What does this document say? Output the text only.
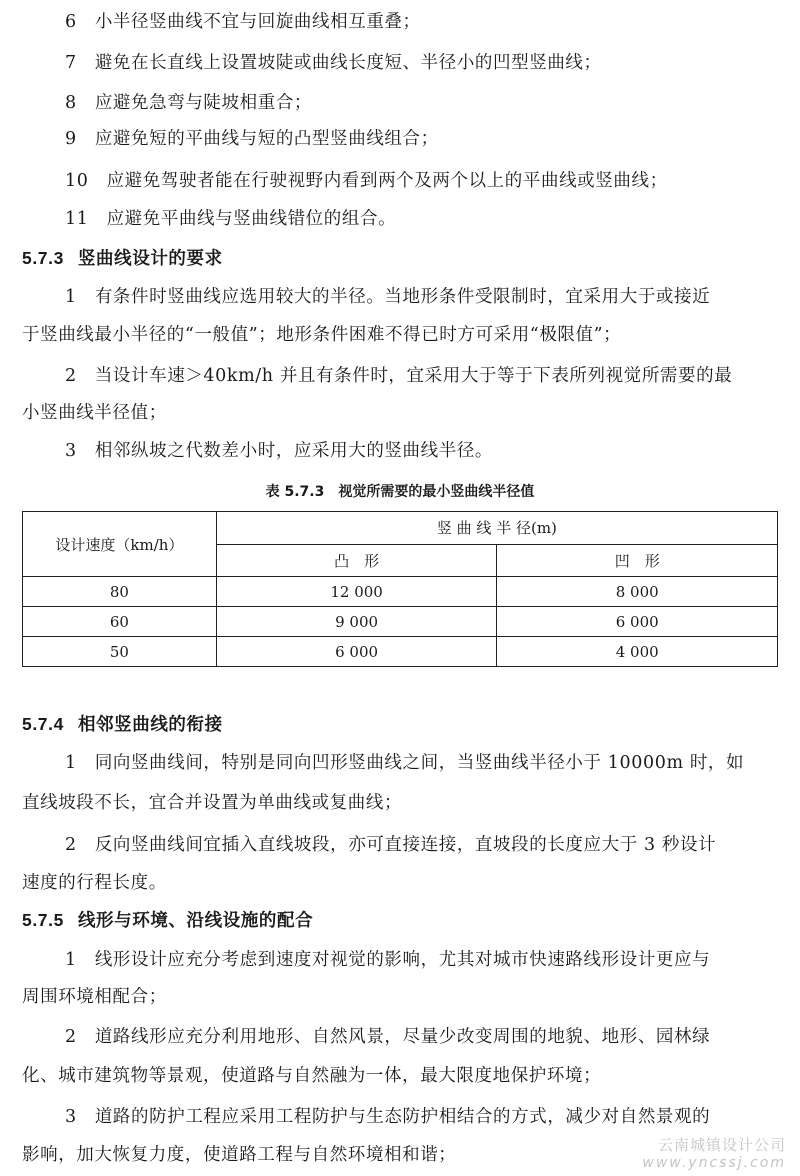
6　小半径竖曲线不宜与回旋曲线相互重叠；
7　避免在长直线上设置坡陡或曲线长度短、半径小的凹型竖曲线；
8　应避免急弯与陡坡相重合；
9　应避免短的平曲线与短的凸型竖曲线组合；
10　应避免驾驶者能在行驶视野内看到两个及两个以上的平曲线或竖曲线；
11　应避免平曲线与竖曲线错位的组合。
5.7.3 竖曲线设计的要求
1　有条件时竖曲线应选用较大的半径。当地形条件受限制时，宜采用大于或接近
于竖曲线最小半径的“一般值”；地形条件困难不得已时方可采用“极限值”；
2　当设计车速＞40km/h 并且有条件时，宜采用大于等于下表所列视觉所需要的最
小竖曲线半径值；
3　相邻纵坡之代数差小时，应采用大的竖曲线半径。
表 5.7.3　视觉所需要的最小竖曲线半径值
设计速度（km/h）	竖 曲 线 半 径(m)	
	凸　形	凹　形
80	12 000	8 000
60	9 000	6 000
50	6 000	4 000
5.7.4 相邻竖曲线的衔接
1　同向竖曲线间，特别是同向凹形竖曲线之间，当竖曲线半径小于 10000m 时，如
直线坡段不长，宜合并设置为单曲线或复曲线；
2　反向竖曲线间宜插入直线坡段，亦可直接连接，直坡段的长度应大于 3 秒设计
速度的行程长度。
5.7.5 线形与环境、沿线设施的配合
1　线形设计应充分考虑到速度对视觉的影响，尤其对城市快速路线形设计更应与
周围环境相配合；
2　道路线形应充分利用地形、自然风景，尽量少改变周围的地貌、地形、园林绿
化、城市建筑物等景观，使道路与自然融为一体，最大限度地保护环境；
3　道路的防护工程应采用工程防护与生态防护相结合的方式，减少对自然景观的
影响，加大恢复力度，使道路工程与自然环境相和谐；	云南城镇设计公司
www.yncssj.com
